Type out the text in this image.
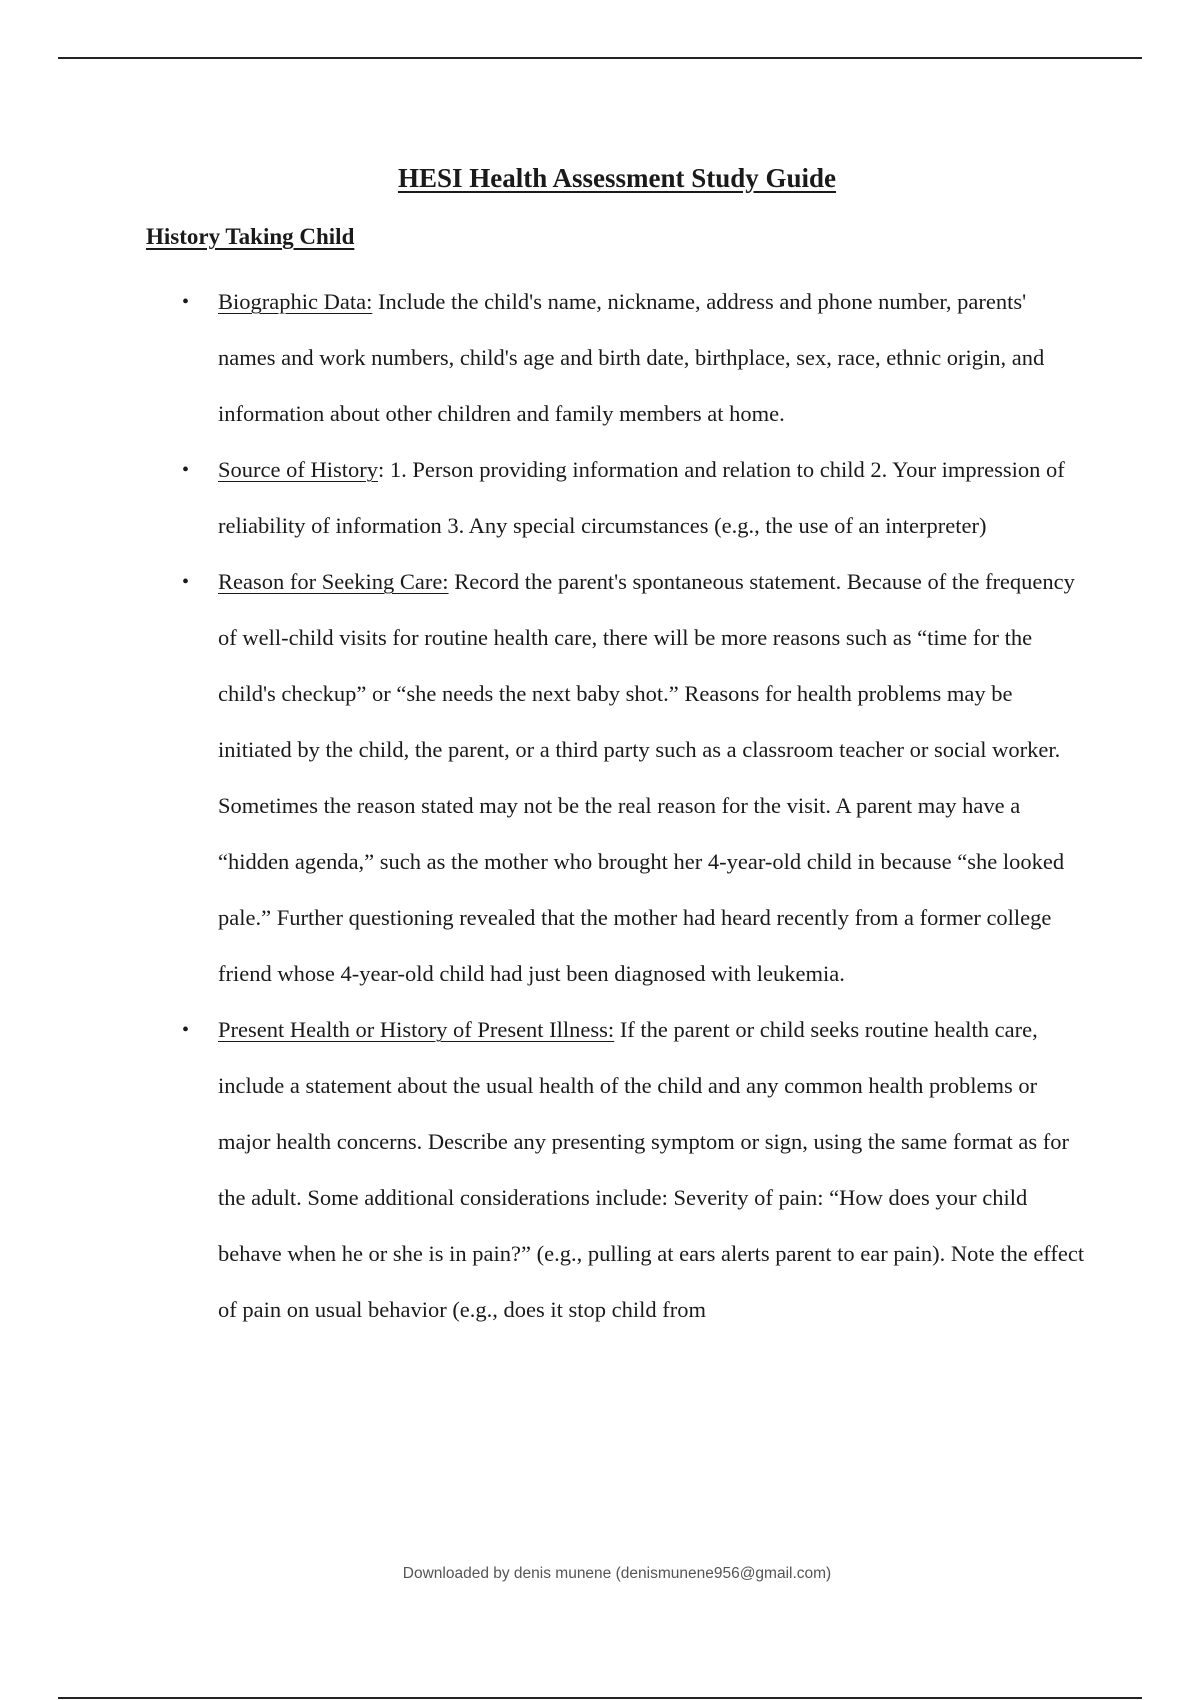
HESI Health Assessment Study Guide
History Taking Child
• Biographic Data: Include the child's name, nickname, address and phone number, parents' names and work numbers, child's age and birth date, birthplace, sex, race, ethnic origin, and information about other children and family members at home.
• Source of History: 1. Person providing information and relation to child 2. Your impression of reliability of information 3. Any special circumstances (e.g., the use of an interpreter)
• Reason for Seeking Care: Record the parent's spontaneous statement. Because of the frequency of well-child visits for routine health care, there will be more reasons such as “time for the child's checkup” or “she needs the next baby shot.” Reasons for health problems may be initiated by the child, the parent, or a third party such as a classroom teacher or social worker. Sometimes the reason stated may not be the real reason for the visit. A parent may have a “hidden agenda,” such as the mother who brought her 4-year-old child in because “she looked pale.” Further questioning revealed that the mother had heard recently from a former college friend whose 4-year-old child had just been diagnosed with leukemia.
• Present Health or History of Present Illness: If the parent or child seeks routine health care, include a statement about the usual health of the child and any common health problems or major health concerns. Describe any presenting symptom or sign, using the same format as for the adult. Some additional considerations include: Severity of pain: “How does your child behave when he or she is in pain?” (e.g., pulling at ears alerts parent to ear pain). Note the effect of pain on usual behavior (e.g., does it stop child from
Downloaded by denis munene (denismunene956@gmail.com)
